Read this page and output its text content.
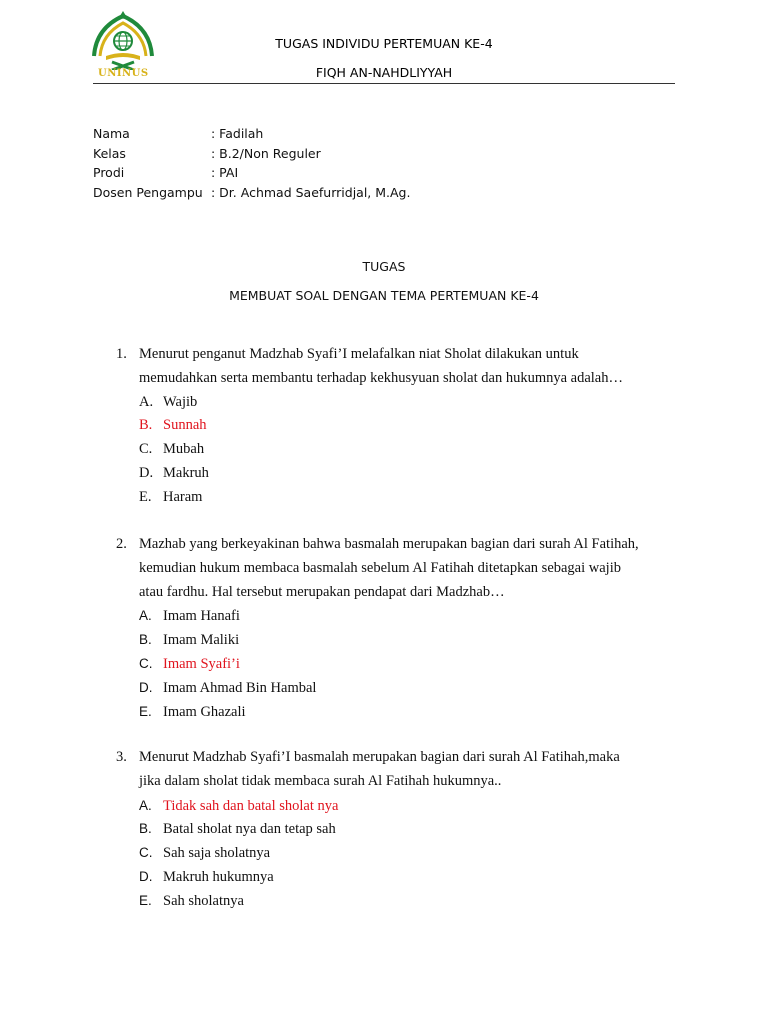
UNINUS
TUGAS INDIVIDU PERTEMUAN KE-4
FIQH AN-NAHDLIYYAH
Nama	: Fadilah
Kelas	: B.2/Non Reguler
Prodi	: PAI
Dosen Pengampu : Dr. Achmad Saefurridjal, M.Ag.
TUGAS
MEMBUAT SOAL DENGAN TEMA PERTEMUAN KE-4
1. Menurut penganut Madzhab Syafi’I melafalkan niat Sholat dilakukan untuk
memudahkan serta membantu terhadap kekhusyuan sholat dan hukumnya adalah…
A. Wajib
B. Sunnah
C. Mubah
D. Makruh
E. Haram
2. Mazhab yang berkeyakinan bahwa basmalah merupakan bagian dari surah Al Fatihah,
kemudian hukum membaca basmalah sebelum Al Fatihah ditetapkan sebagai wajib
atau fardhu. Hal tersebut merupakan pendapat dari Madzhab…
A. Imam Hanafi
B. Imam Maliki
C. Imam Syafi’i
D. Imam Ahmad Bin Hambal
E. Imam Ghazali
3. Menurut Madzhab Syafi’I basmalah merupakan bagian dari surah Al Fatihah,maka
jika dalam sholat tidak membaca surah Al Fatihah hukumnya..
A. Tidak sah dan batal sholat nya
B. Batal sholat nya dan tetap sah
C. Sah saja sholatnya
D. Makruh hukumnya
E. Sah sholatnya
